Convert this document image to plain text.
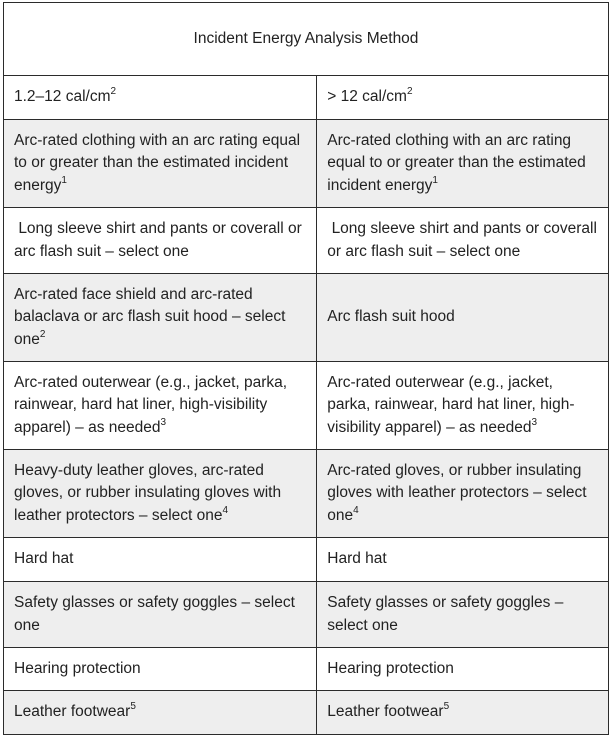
Incident Energy Analysis Method	
1.2–12 cal/$cm^2$	> 12 cal/$cm^2$
Arc-rated clothing with an arc rating equal to or greater than the estimated incident energy$^1$	Arc-rated clothing with an arc rating equal to or greater than the estimated incident energy$^1$
Long sleeve shirt and pants or coverall or arc flash suit – select one	Long sleeve shirt and pants or coverall or arc flash suit – select one
Arc-rated face shield and arc-rated balaclava or arc flash suit hood – select one$^2$	Arc flash suit hood
Arc-rated outerwear (e.g., jacket, parka, rainwear, hard hat liner, high-visibility apparel) – as needed$^3$	Arc-rated outerwear (e.g., jacket, parka, rainwear, hard hat liner, high-visibility apparel) – as needed$^3$
Heavy-duty leather gloves, arc-rated gloves, or rubber insulating gloves with leather protectors – select one$^4$	Arc-rated gloves, or rubber insulating gloves with leather protectors – select one$^4$
Hard hat	Hard hat
Safety glasses or safety goggles – select one	Safety glasses or safety goggles – select one
Hearing protection	Hearing protection
Leather footwear$^5$	Leather footwear$^5$
